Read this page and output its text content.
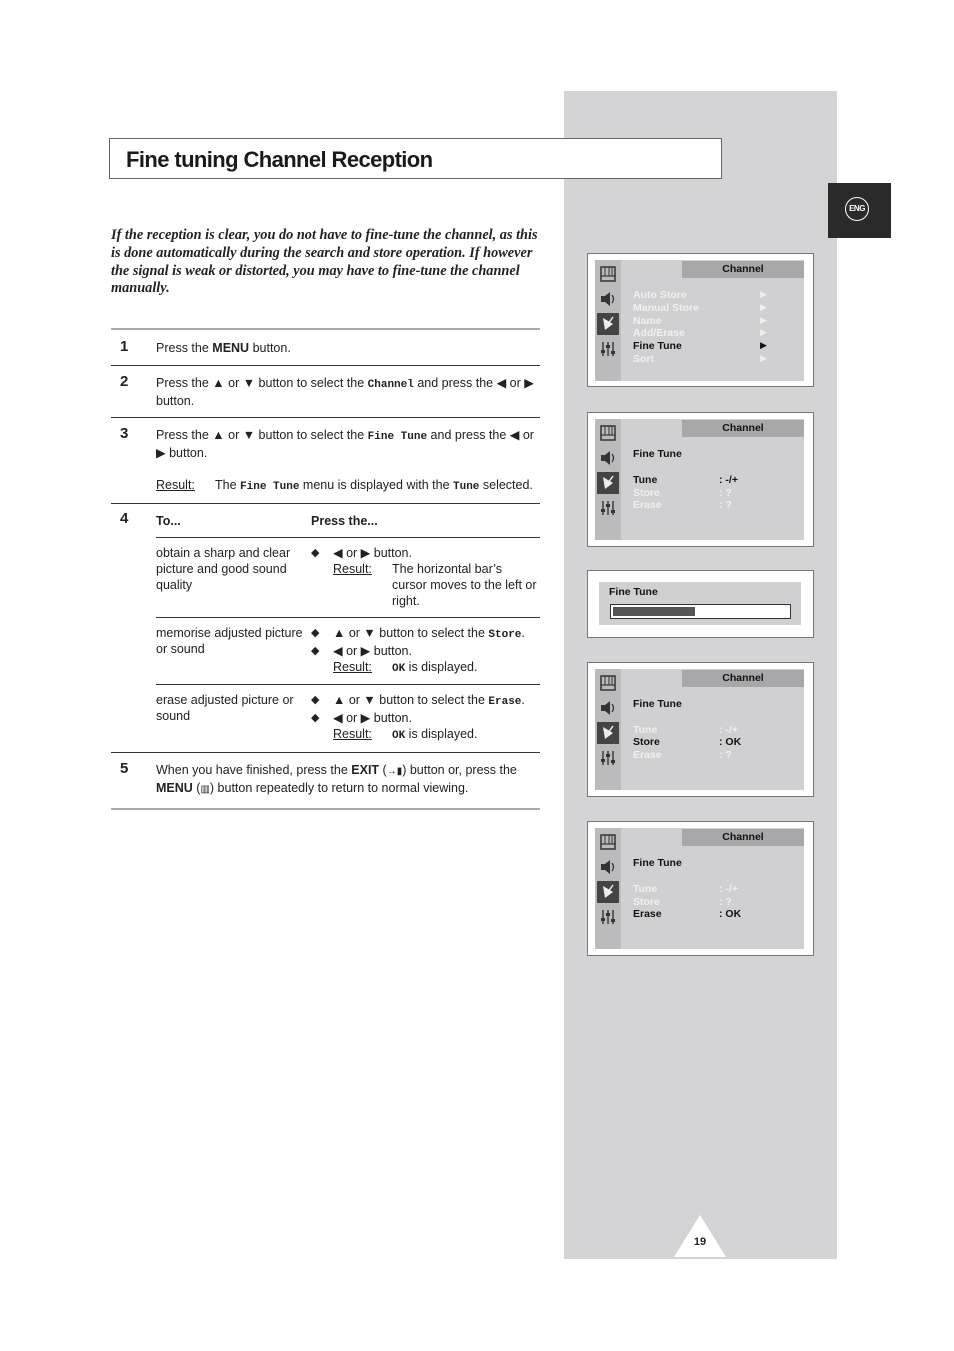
ENG
Fine tuning Channel Reception
If the reception is clear, you do not have to fine-tune the channel, as this is done automatically during the search and store operation. If however the signal is weak or distorted, you may have to fine-tune the channel manually.
1 Press the MENU button.
2 Press the ▲ or ▼ button to select the Channel and press the ◀ or ▶ button.
3 Press the ▲ or ▼ button to select the Fine Tune and press the ◀ or ▶ button.
Result:	The Fine Tune menu is displayed with the Tune selected.
4 To...	Press the...
obtain a sharp and clear picture and good sound quality
◆	◀ or ▶ button.
Result:	The horizontal bar’s cursor moves to the left or right.
memorise adjusted picture or sound
◆	▲ or ▼ button to select the Store.
◆	◀ or ▶ button.
Result:	OK is displayed.
erase adjusted picture or sound
◆	▲ or ▼ button to select the Erase.
◆	◀ or ▶ button.
Result:	OK is displayed.
5 When you have finished, press the EXIT (→▮) button or, press the MENU (▥) button repeatedly to return to normal viewing.
Channel
Auto Store	▶
Manual Store	▶
Name	▶
Add/Erase	▶
Fine Tune	▶
Sort	▶
Channel
Fine Tune
Tune	: -/+
Store	: ?
Erase	: ?
Fine Tune
Channel
Fine Tune
Tune	: -/+
Store	: OK
Erase	: ?
Channel
Fine Tune
Tune	: -/+
Store	: ?
Erase	: OK
19
